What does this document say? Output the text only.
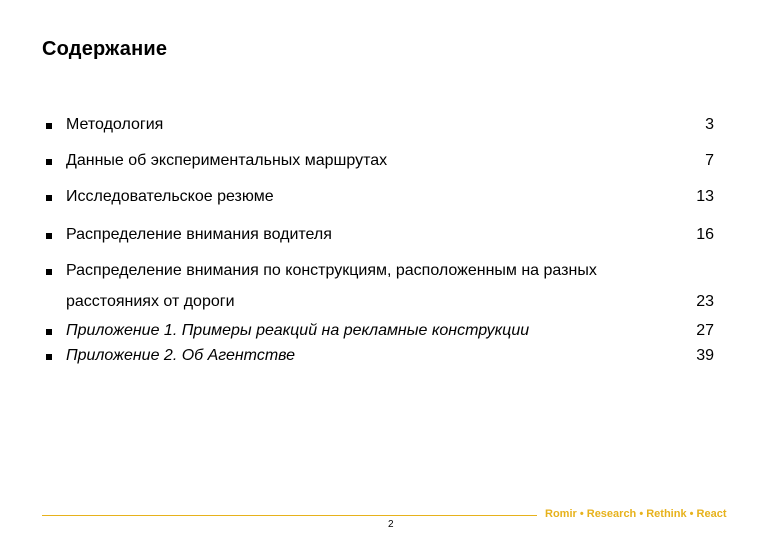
Содержание
Методология	3
Данные об экспериментальных маршрутах	7
Исследовательское резюме	13
Распределение внимания водителя	16
Распределение внимания по конструкциям, расположенным на разных
расстояниях от дороги	23
Приложение 1. Примеры реакций на рекламные конструкции	27
Приложение 2. Об Агентстве	39
2
Romir • Research • Rethink • React
